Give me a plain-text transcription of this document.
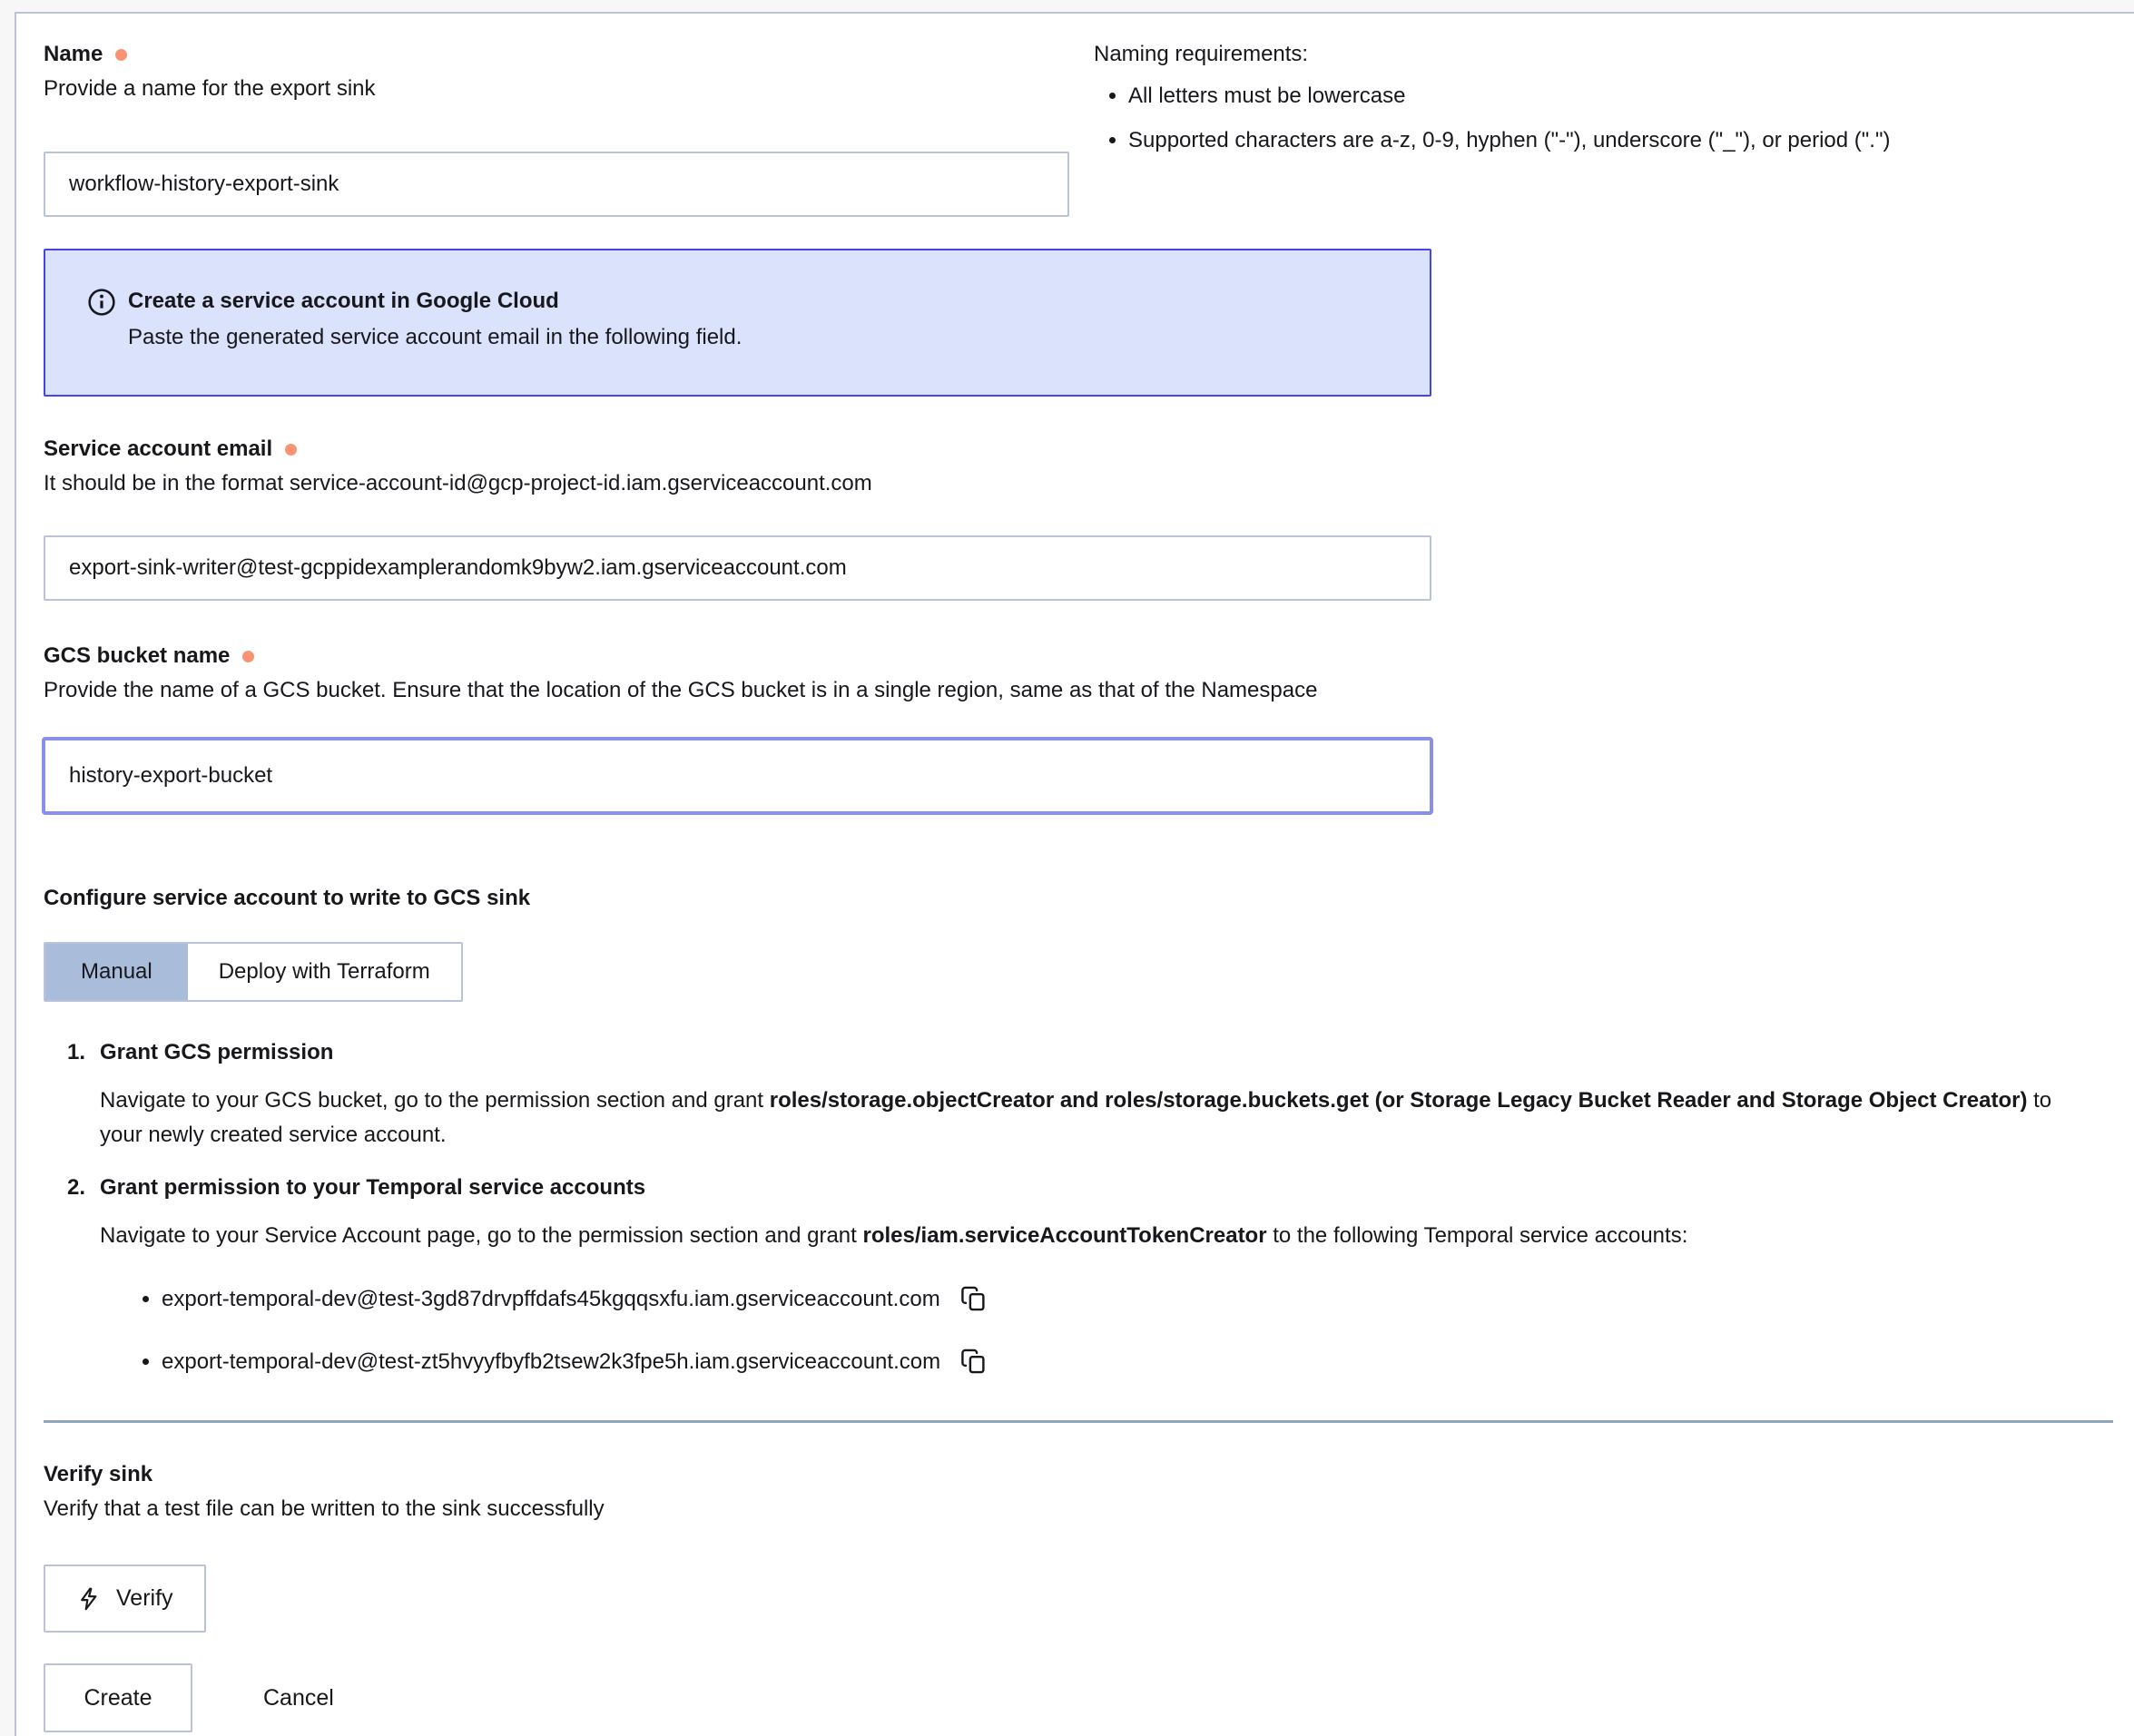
Name
Provide a name for the export sink
workflow-history-export-sink
Naming requirements:
• All letters must be lowercase
• Supported characters are a-z, 0-9, hyphen ("-"), underscore ("_"), or period (".")
Create a service account in Google Cloud
Paste the generated service account email in the following field.
Service account email
It should be in the format service-account-id@gcp-project-id.iam.gserviceaccount.com
export-sink-writer@test-gcppidexamplerandomk9byw2.iam.gserviceaccount.com
GCS bucket name
Provide the name of a GCS bucket. Ensure that the location of the GCS bucket is in a single region, same as that of the Namespace
history-export-bucket
Configure service account to write to GCS sink
Manual	Deploy with Terraform
1. Grant GCS permission

Navigate to your GCS bucket, go to the permission section and grant roles/storage.objectCreator and roles/storage.buckets.get (or Storage Legacy Bucket Reader and Storage Object Creator) to your newly created service account.

2. Grant permission to your Temporal service accounts

Navigate to your Service Account page, go to the permission section and grant roles/iam.serviceAccountTokenCreator to the following Temporal service accounts:

• export-temporal-dev@test-3gd87drvpffdafs45kgqqsxfu.iam.gserviceaccount.com
• export-temporal-dev@test-zt5hvyyfbyfb2tsew2k3fpe5h.iam.gserviceaccount.com
Verify sink
Verify that a test file can be written to the sink successfully
Verify
Create	Cancel
